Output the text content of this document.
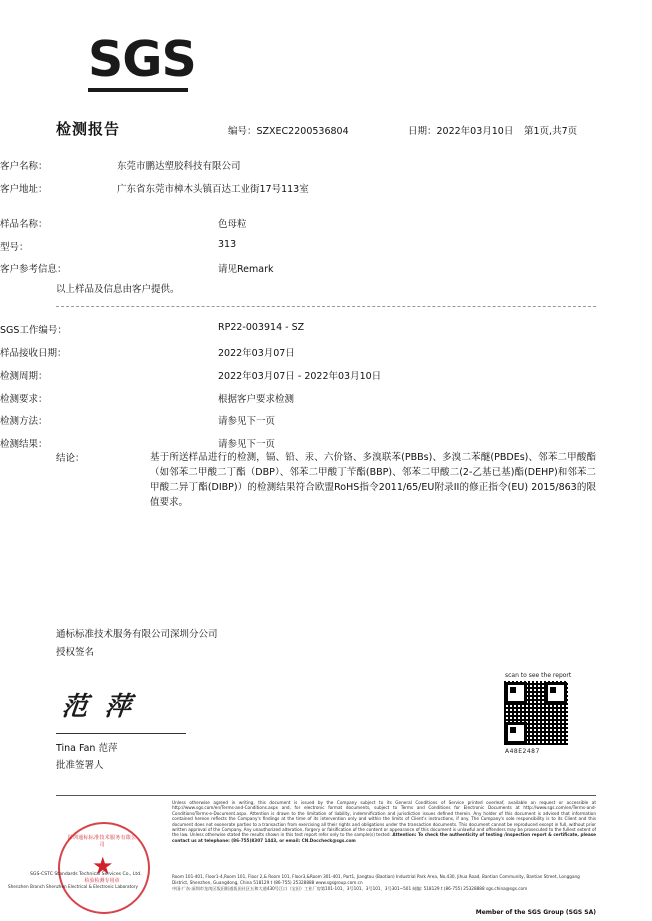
SGS
检测报告	编号：SZXEC2200536804	日期：2022年03月10日 第1页,共7页
客户名称：	东莞市鹏达塑胶科技有限公司
客户地址：	广东省东莞市樟木头镇百达工业街17号113室
样品名称：	色母粒
型号：	313
客户参考信息：	请见Remark
以上样品及信息由客户提供。
SGS工作编号：	RP22-003914 - SZ
样品接收日期：	2022年03月07日
检测周期：	2022年03月07日 - 2022年03月10日
检测要求：	根据客户要求检测
检测方法：	请参见下一页
检测结果：	请参见下一页
结论：	基于所送样品进行的检测，镉、铅、汞、六价铬、多溴联苯(PBBs)、多溴二苯醚(PBDEs)、邻苯二甲酸酯（如邻苯二甲酸二丁酯（DBP）、邻苯二甲酸丁苄酯(BBP)、邻苯二甲酸二(2-乙基已基)酯(DEHP)和邻苯二甲酸二异丁酯(DIBP)）的检测结果符合欧盟RoHS指令2011/65/EU附录II的修正指令(EU) 2015/863的限值要求。
通标标准技术服务有限公司深圳分公司
授权签名
范 萍
Tina Fan 范萍
批准签署人
scan to see the report
A48E2487
Unless otherwise agreed in writing, this document is issued by the Company subject to its General Conditions of Service printed overleaf, available on request or accessible at http://www.sgs.com/en/Terms-and-Conditions.aspx and, for electronic format documents, subject to Terms and Conditions for Electronic Documents at http://www.sgs.com/en/Terms-and-Conditions/Terms-e-Document.aspx. Attention is drawn to the limitation of liability, indemnification and jurisdiction issues defined therein. Any holder of this document is advised that information contained hereon reflects the Company's findings at the time of its intervention only and within the limits of Client's instructions, if any. The Company's sole responsibility is to its Client and this document does not exonerate parties to a transaction from exercising all their rights and obligations under the transaction documents. This document cannot be reproduced except in full, without prior written approval of the Company. Any unauthorized alteration, forgery or falsification of the content or appearance of this document is unlawful and offenders may be prosecuted to the fullest extent of the law. Unless otherwise stated the results shown in this test report refer only to the sample(s) tested. Attention: To check the authenticity of testing /inspection report & certificate, please contact us at telephone: (86-755)8307 1443, or email: CN.Doccheck@sgs.com
Room 101-401, Floor1-4,Room 101, Floor 2,& Room 101, Floor3,&Room 301-401, Part1, Jiangtou (Baotian) Industrial Park Area, No.430, Jihua Road, Bantian Community, Bantian Street, Longgang District, Shenzhen, Guangdong, China 518129 t (86-755) 25328888 www.sgsgroup.com.cn
中国·广东·深圳市龙岗区坂田街道坂田社区五和大道430号江口（宝田）工业厂房第101-101、3号101、3号101、3号301~501 邮编: 518129 t (86-755) 25328888 sgs.china@sgs.com
Member of the SGS Group (SGS SA)
深圳通标标准技术服务有限公司
★
检验检测专用章
SGS-CSTC Standards Technical Services Co., Ltd.
Shenzhen Branch Shenzhen Electrical & Electronic Laboratory
